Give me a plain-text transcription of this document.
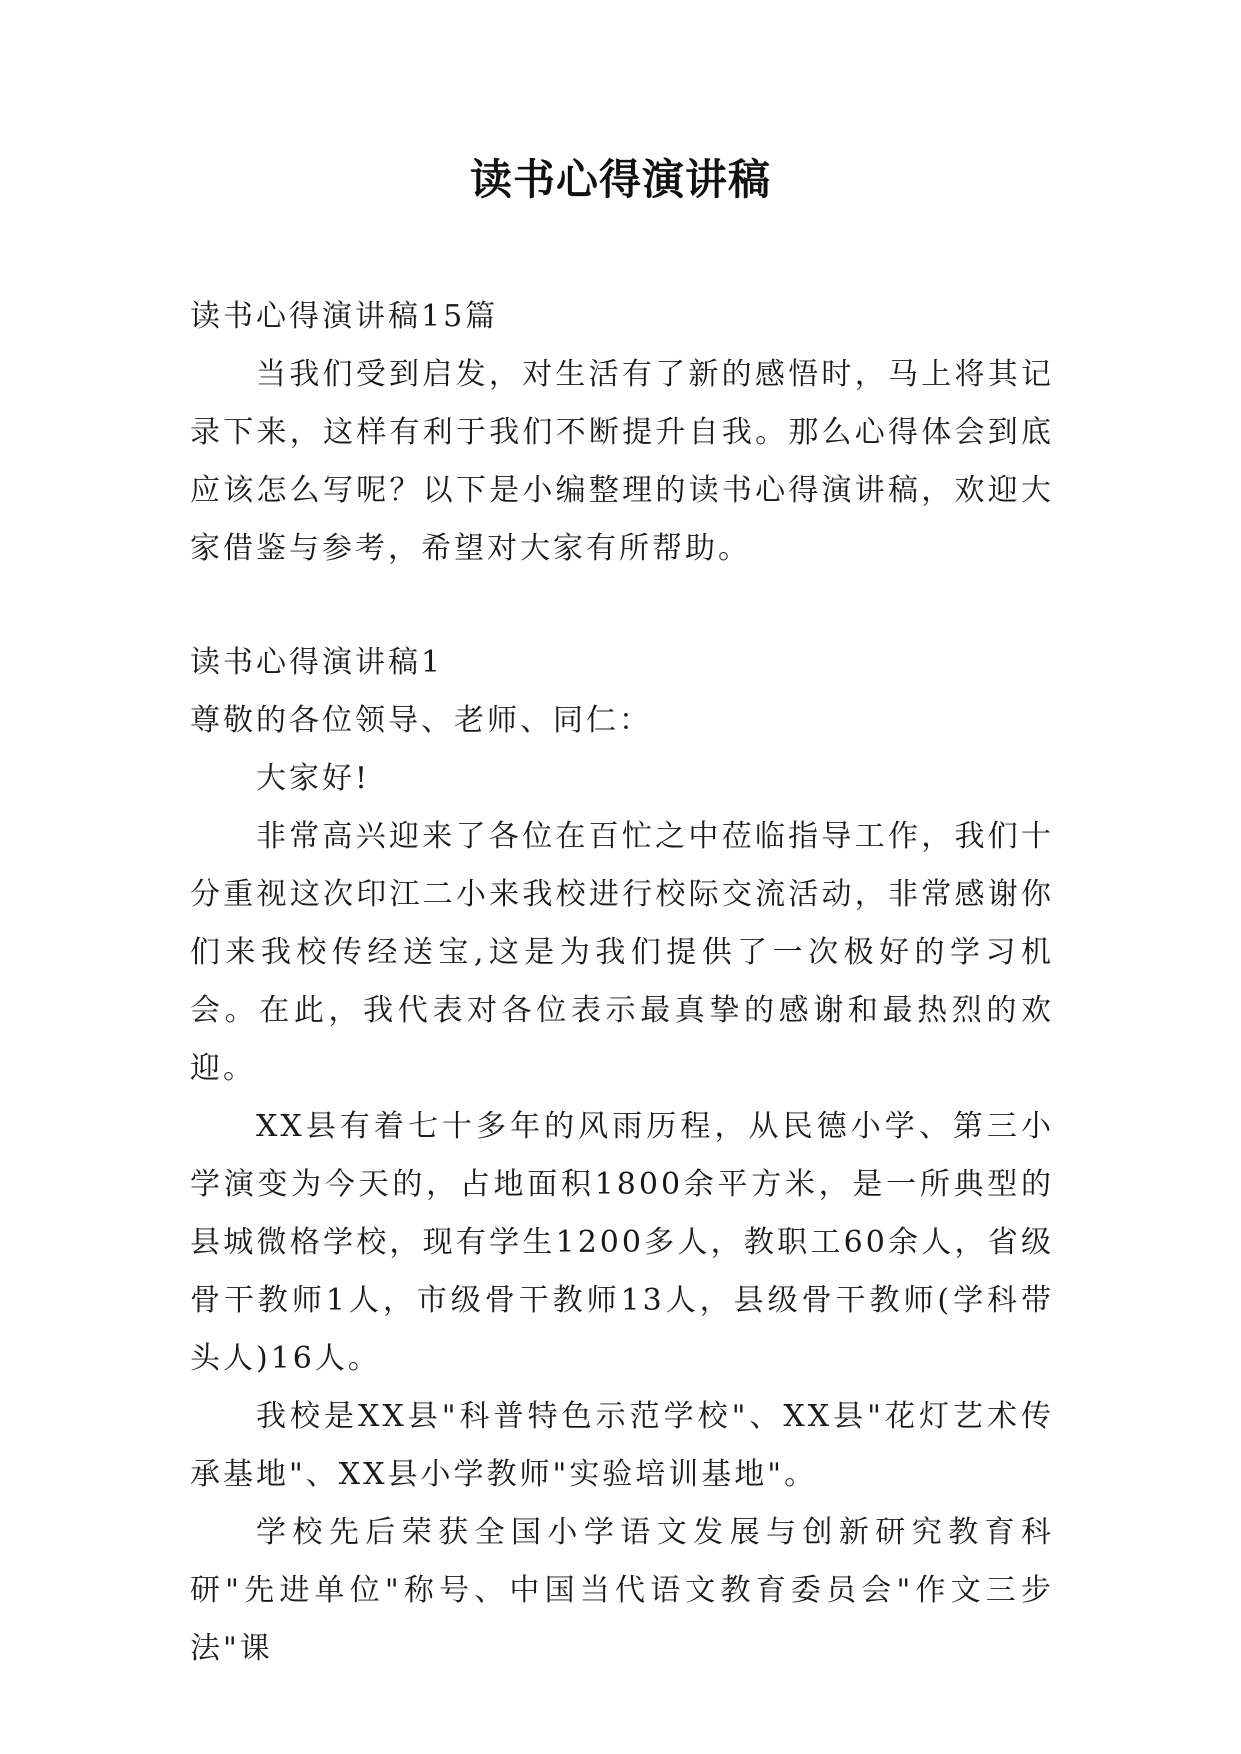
读书心得演讲稿

读书心得演讲稿15篇

当我们受到启发，对生活有了新的感悟时，马上将其记录下来，这样有利于我们不断提升自我。那么心得体会到底应该怎么写呢？以下是小编整理的读书心得演讲稿，欢迎大家借鉴与参考，希望对大家有所帮助。

读书心得演讲稿1

尊敬的各位领导、老师、同仁：

大家好!

非常高兴迎来了各位在百忙之中莅临指导工作，我们十分重视这次印江二小来我校进行校际交流活动，非常感谢你们来我校传经送宝,这是为我们提供了一次极好的学习机会。在此，我代表对各位表示最真挚的感谢和最热烈的欢迎。

XX县有着七十多年的风雨历程，从民德小学、第三小学演变为今天的，占地面积1800余平方米，是一所典型的县城微格学校，现有学生1200多人，教职工60余人，省级骨干教师1人，市级骨干教师13人，县级骨干教师(学科带头人)16人。

我校是XX县"科普特色示范学校"、XX县"花灯艺术传承基地"、XX县小学教师"实验培训基地"。

学校先后荣获全国小学语文发展与创新研究教育科研"先进单位"称号、中国当代语文教育委员会"作文三步法"课
